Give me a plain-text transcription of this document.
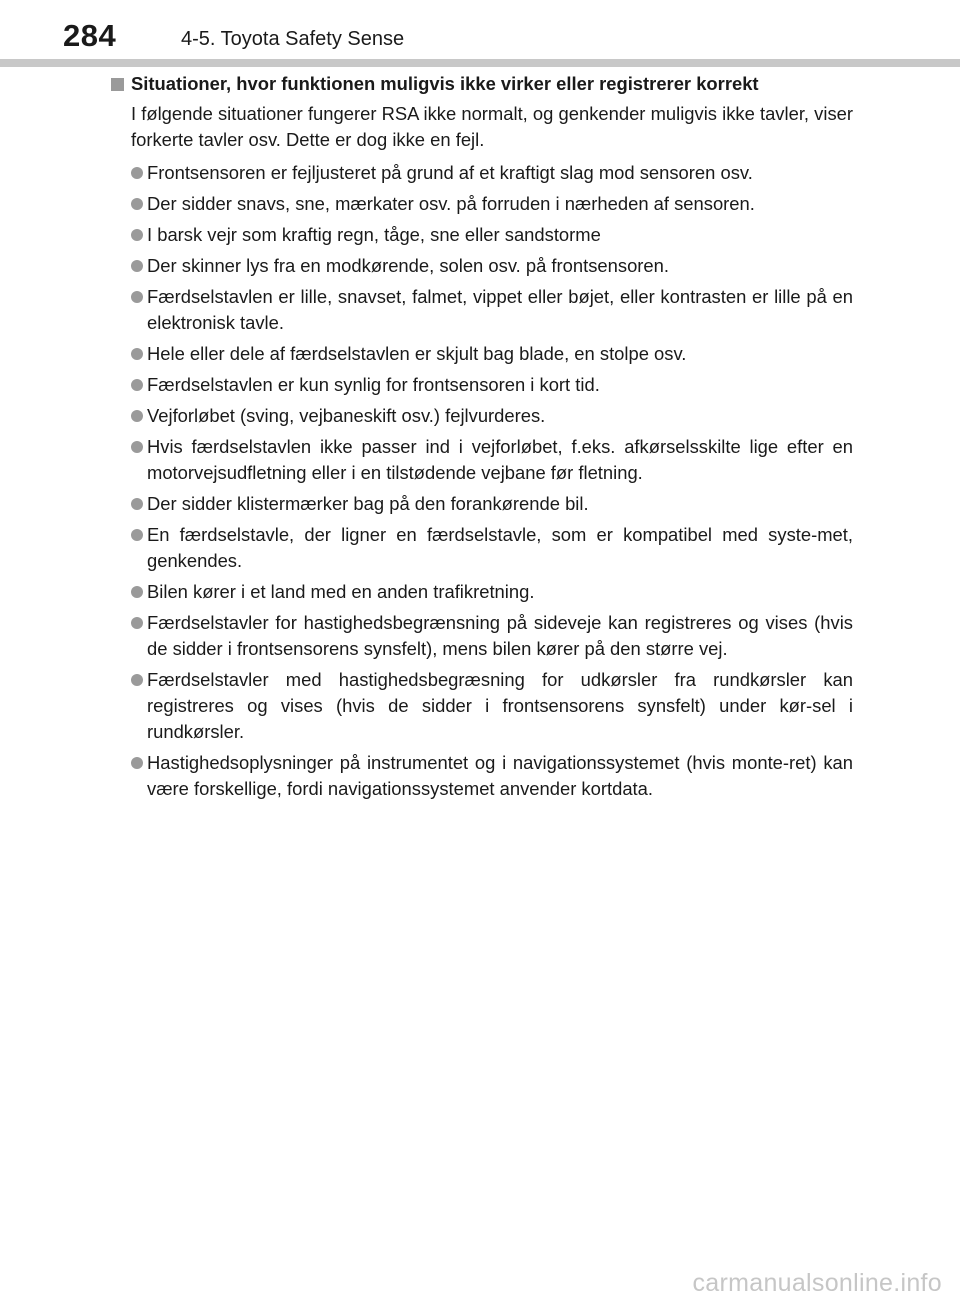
284	4-5. Toyota Safety Sense
Situationer, hvor funktionen muligvis ikke virker eller registrerer korrekt
I følgende situationer fungerer RSA ikke normalt, og genkender muligvis ikke tavler, viser forkerte tavler osv. Dette er dog ikke en fejl.
Frontsensoren er fejljusteret på grund af et kraftigt slag mod sensoren osv.
Der sidder snavs, sne, mærkater osv. på forruden i nærheden af sensoren.
I barsk vejr som kraftig regn, tåge, sne eller sandstorme
Der skinner lys fra en modkørende, solen osv. på frontsensoren.
Færdselstavlen er lille, snavset, falmet, vippet eller bøjet, eller kontrasten er lille på en elektronisk tavle.
Hele eller dele af færdselstavlen er skjult bag blade, en stolpe osv.
Færdselstavlen er kun synlig for frontsensoren i kort tid.
Vejforløbet (sving, vejbaneskift osv.) fejlvurderes.
Hvis færdselstavlen ikke passer ind i vejforløbet, f.eks. afkørselsskilte lige efter en motorvejsudfletning eller i en tilstødende vejbane før fletning.
Der sidder klistermærker bag på den forankørende bil.
En færdselstavle, der ligner en færdselstavle, som er kompatibel med syste-met, genkendes.
Bilen kører i et land med en anden trafikretning.
Færdselstavler for hastighedsbegrænsning på sideveje kan registreres og vises (hvis de sidder i frontsensorens synsfelt), mens bilen kører på den større vej.
Færdselstavler med hastighedsbegræsning for udkørsler fra rundkørsler kan registreres og vises (hvis de sidder i frontsensorens synsfelt) under kør-sel i rundkørsler.
Hastighedsoplysninger på instrumentet og i navigationssystemet (hvis monte-ret) kan være forskellige, fordi navigationssystemet anvender kortdata.
carmanualsonline.info
